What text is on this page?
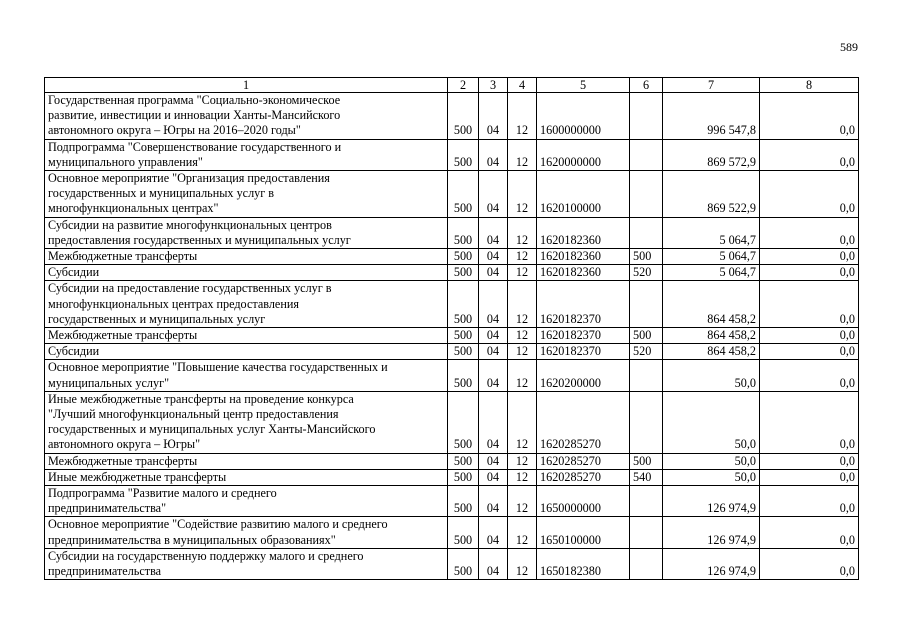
589
1	2	3	4	5	6	7	8

Государственная программа "Социально-экономическое
развитие, инвестиции и инновации Ханты-Мансийского
автономного округа – Югры на 2016–2020 годы"	500	04	12	1600000000		996 547,8	0,0

Подпрограмма "Совершенствование государственного и
муниципального управления"	500	04	12	1620000000		869 572,9	0,0

Основное мероприятие "Организация предоставления
государственных и муниципальных услуг в
многофункциональных центрах"	500	04	12	1620100000		869 522,9	0,0

Субсидии на развитие многофункциональных центров
предоставления государственных и муниципальных услуг	500	04	12	1620182360		5 064,7	0,0

Межбюджетные трансферты	500	04	12	1620182360	500	5 064,7	0,0

Субсидии	500	04	12	1620182360	520	5 064,7	0,0

Субсидии на предоставление государственных услуг в
многофункциональных центрах предоставления
государственных и муниципальных услуг	500	04	12	1620182370		864 458,2	0,0

Межбюджетные трансферты	500	04	12	1620182370	500	864 458,2	0,0

Субсидии	500	04	12	1620182370	520	864 458,2	0,0

Основное мероприятие "Повышение качества государственных и
муниципальных услуг"	500	04	12	1620200000		50,0	0,0

Иные межбюджетные трансферты на проведение конкурса
"Лучший многофункциональный центр предоставления
государственных и муниципальных услуг Ханты-Мансийского
автономного округа – Югры"	500	04	12	1620285270		50,0	0,0

Межбюджетные трансферты	500	04	12	1620285270	500	50,0	0,0

Иные межбюджетные трансферты	500	04	12	1620285270	540	50,0	0,0

Подпрограмма "Развитие малого и среднего
предпринимательства"	500	04	12	1650000000		126 974,9	0,0

Основное мероприятие "Содействие развитию малого и среднего
предпринимательства в муниципальных образованиях"	500	04	12	1650100000		126 974,9	0,0

Субсидии на государственную поддержку малого и среднего
предпринимательства	500	04	12	1650182380		126 974,9	0,0
